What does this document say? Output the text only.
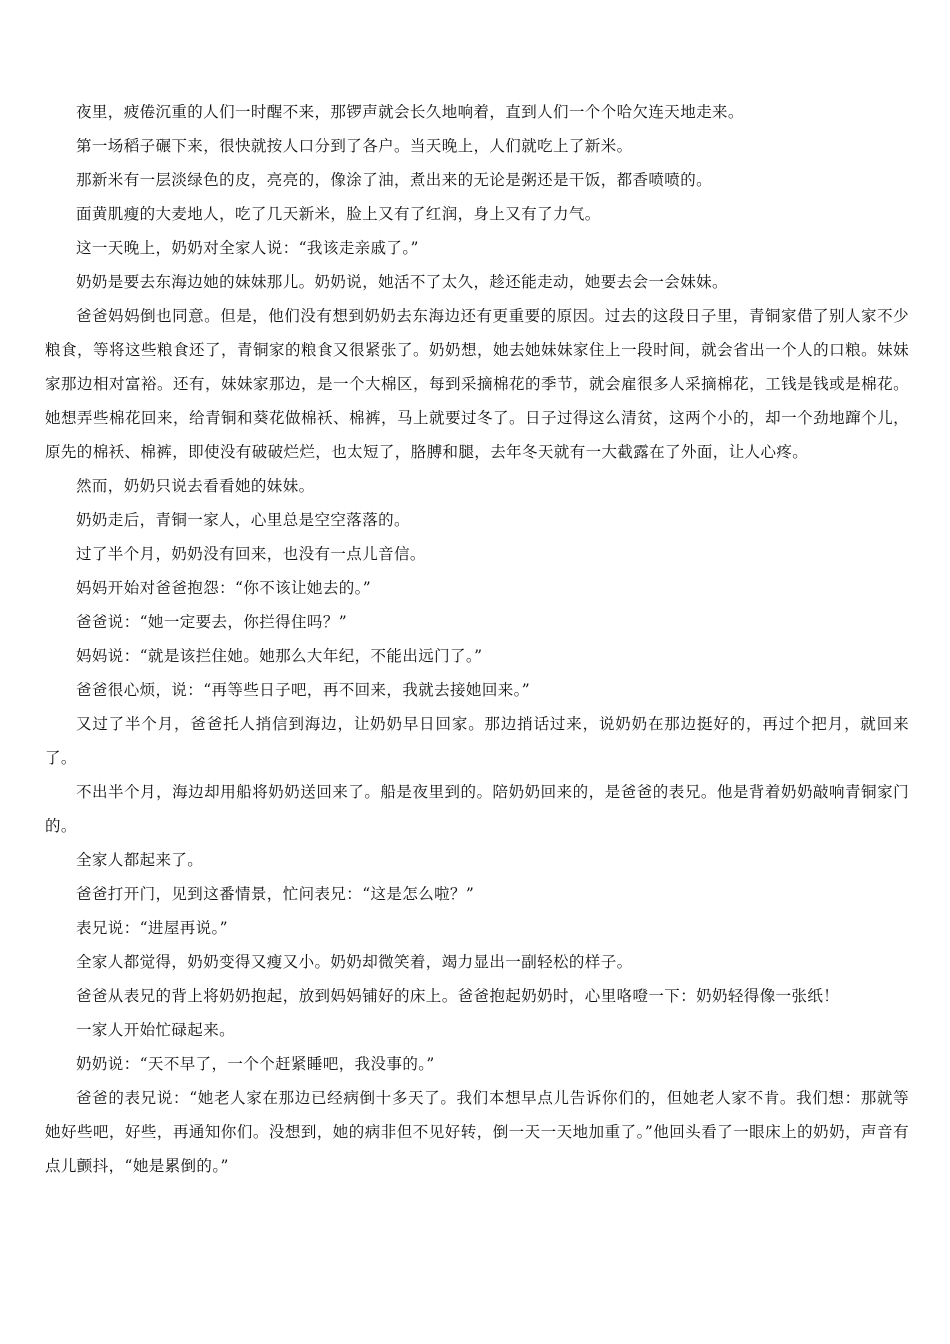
夜里，疲倦沉重的人们一时醒不来，那锣声就会长久地响着，直到人们一个个哈欠连天地走来。

第一场稻子碾下来，很快就按人口分到了各户。当天晚上，人们就吃上了新米。

那新米有一层淡绿色的皮，亮亮的，像涂了油，煮出来的无论是粥还是干饭，都香喷喷的。

面黄肌瘦的大麦地人，吃了几天新米，脸上又有了红润，身上又有了力气。

这一天晚上，奶奶对全家人说：“我该走亲戚了。”

奶奶是要去东海边她的妹妹那儿。奶奶说，她活不了太久，趁还能走动，她要去会一会妹妹。

爸爸妈妈倒也同意。但是，他们没有想到奶奶去东海边还有更重要的原因。过去的这段日子里，青铜家借了别人家不少粮食，等将这些粮食还了，青铜家的粮食又很紧张了。奶奶想，她去她妹妹家住上一段时间，就会省出一个人的口粮。妹妹家那边相对富裕。还有，妹妹家那边，是一个大棉区，每到采摘棉花的季节，就会雇很多人采摘棉花，工钱是钱或是棉花。她想弄些棉花回来，给青铜和葵花做棉袄、棉裤，马上就要过冬了。日子过得这么清贫，这两个小的，却一个劲地蹿个儿，原先的棉袄、棉裤，即使没有破破烂烂，也太短了，胳膊和腿，去年冬天就有一大截露在了外面，让人心疼。

然而，奶奶只说去看看她的妹妹。

奶奶走后，青铜一家人，心里总是空空落落的。

过了半个月，奶奶没有回来，也没有一点儿音信。

妈妈开始对爸爸抱怨：“你不该让她去的。”

爸爸说：“她一定要去，你拦得住吗？”

妈妈说：“就是该拦住她。她那么大年纪，不能出远门了。”

爸爸很心烦，说：“再等些日子吧，再不回来，我就去接她回来。”

又过了半个月，爸爸托人捎信到海边，让奶奶早日回家。那边捎话过来，说奶奶在那边挺好的，再过个把月，就回来了。

不出半个月，海边却用船将奶奶送回来了。船是夜里到的。陪奶奶回来的，是爸爸的表兄。他是背着奶奶敲响青铜家门的。

全家人都起来了。

爸爸打开门，见到这番情景，忙问表兄：“这是怎么啦？”

表兄说：“进屋再说。”

全家人都觉得，奶奶变得又瘦又小。奶奶却微笑着，竭力显出一副轻松的样子。

爸爸从表兄的背上将奶奶抱起，放到妈妈铺好的床上。爸爸抱起奶奶时，心里咯噔一下：奶奶轻得像一张纸！

一家人开始忙碌起来。

奶奶说：“天不早了，一个个赶紧睡吧，我没事的。”

爸爸的表兄说：“她老人家在那边已经病倒十多天了。我们本想早点儿告诉你们的，但她老人家不肯。我们想：那就等她好些吧，好些，再通知你们。没想到，她的病非但不见好转，倒一天一天地加重了。”他回头看了一眼床上的奶奶，声音有点儿颤抖，“她是累倒的。”
